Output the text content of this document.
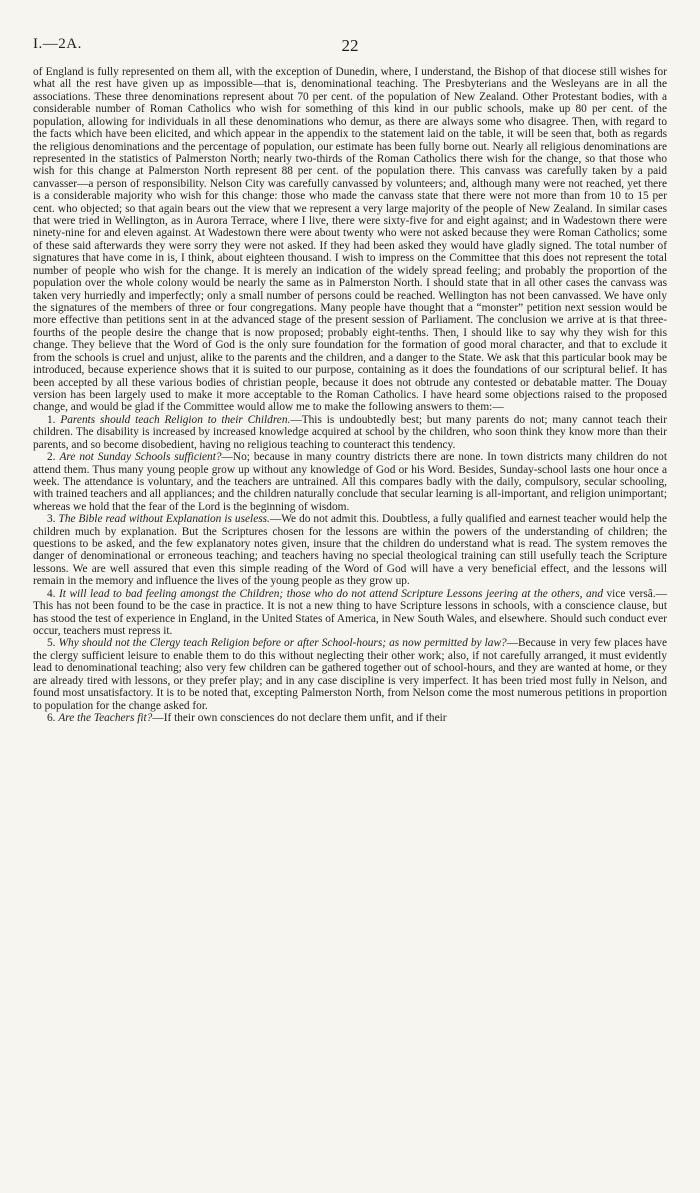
I.—2A.	22

of England is fully represented on them all, with the exception of Dunedin, where, I understand, the Bishop of that diocese still wishes for what all the rest have given up as impossible—that is, denominational teaching. The Presbyterians and the Wesleyans are in all the associations. These three denominations represent about 70 per cent. of the population of New Zealand. Other Protestant bodies, with a considerable number of Roman Catholics who wish for something of this kind in our public schools, make up 80 per cent. of the population, allowing for individuals in all these denominations who demur, as there are always some who disagree. Then, with regard to the facts which have been elicited, and which appear in the appendix to the statement laid on the table, it will be seen that, both as regards the religious denominations and the percentage of population, our estimate has been fully borne out. Nearly all religious denominations are represented in the statistics of Palmerston North; nearly two-thirds of the Roman Catholics there wish for the change, so that those who wish for this change at Palmerston North represent 88 per cent. of the population there. This canvass was carefully taken by a paid canvasser—a person of responsibility. Nelson City was carefully canvassed by volunteers; and, although many were not reached, yet there is a considerable majority who wish for this change: those who made the canvass state that there were not more than from 10 to 15 per cent. who objected; so that again bears out the view that we represent a very large majority of the people of New Zealand. In similar cases that were tried in Wellington, as in Aurora Terrace, where I live, there were sixty-five for and eight against; and in Wadestown there were ninety-nine for and eleven against. At Wadestown there were about twenty who were not asked because they were Roman Catholics; some of these said afterwards they were sorry they were not asked. If they had been asked they would have gladly signed. The total number of signatures that have come in is, I think, about eighteen thousand. I wish to impress on the Committee that this does not represent the total number of people who wish for the change. It is merely an indication of the widely spread feeling; and probably the proportion of the population over the whole colony would be nearly the same as in Palmerston North. I should state that in all other cases the canvass was taken very hurriedly and imperfectly; only a small number of persons could be reached. Wellington has not been canvassed. We have only the signatures of the members of three or four congregations. Many people have thought that a “monster” petition next session would be more effective than petitions sent in at the advanced stage of the present session of Parliament. The conclusion we arrive at is that three-fourths of the people desire the change that is now proposed; probably eight-tenths. Then, I should like to say why they wish for this change. They believe that the Word of God is the only sure foundation for the formation of good moral character, and that to exclude it from the schools is cruel and unjust, alike to the parents and the children, and a danger to the State. We ask that this particular book may be introduced, because experience shows that it is suited to our purpose, containing as it does the foundations of our scriptural belief. It has been accepted by all these various bodies of christian people, because it does not obtrude any contested or debatable matter. The Douay version has been largely used to make it more acceptable to the Roman Catholics. I have heard some objections raised to the proposed change, and would be glad if the Committee would allow me to make the following answers to them:—

1. Parents should teach Religion to their Children.—This is undoubtedly best; but many parents do not; many cannot teach their children. The disability is increased by increased knowledge acquired at school by the children, who soon think they know more than their parents, and so become disobedient, having no religious teaching to counteract this tendency.

2. Are not Sunday Schools sufficient?—No; because in many country districts there are none. In town districts many children do not attend them. Thus many young people grow up without any knowledge of God or his Word. Besides, Sunday-school lasts one hour once a week. The attendance is voluntary, and the teachers are untrained. All this compares badly with the daily, compulsory, secular schooling, with trained teachers and all appliances; and the children naturally conclude that secular learning is all-important, and religion unimportant; whereas we hold that the fear of the Lord is the beginning of wisdom.

3. The Bible read without Explanation is useless.—We do not admit this. Doubtless, a fully qualified and earnest teacher would help the children much by explanation. But the Scriptures chosen for the lessons are within the powers of the understanding of children; the questions to be asked, and the few explanatory notes given, insure that the children do understand what is read. The system removes the danger of denominational or erroneous teaching; and teachers having no special theological training can still usefully teach the Scripture lessons. We are well assured that even this simple reading of the Word of God will have a very beneficial effect, and the lessons will remain in the memory and influence the lives of the young people as they grow up.

4. It will lead to bad feeling amongst the Children; those who do not attend Scripture Lessons jeering at the others, and vice versâ.—This has not been found to be the case in practice. It is not a new thing to have Scripture lessons in schools, with a conscience clause, but has stood the test of experience in England, in the United States of America, in New South Wales, and elsewhere. Should such conduct ever occur, teachers must repress it.

5. Why should not the Clergy teach Religion before or after School-hours; as now permitted by law?—Because in very few places have the clergy sufficient leisure to enable them to do this without neglecting their other work; also, if not carefully arranged, it must evidently lead to denominational teaching; also very few children can be gathered together out of school-hours, and they are wanted at home, or they are already tired with lessons, or they prefer play; and in any case discipline is very imperfect. It has been tried most fully in Nelson, and found most unsatisfactory. It is to be noted that, excepting Palmerston North, from Nelson come the most numerous petitions in proportion to population for the change asked for.

6. Are the Teachers fit?—If their own consciences do not declare them unfit, and if their
